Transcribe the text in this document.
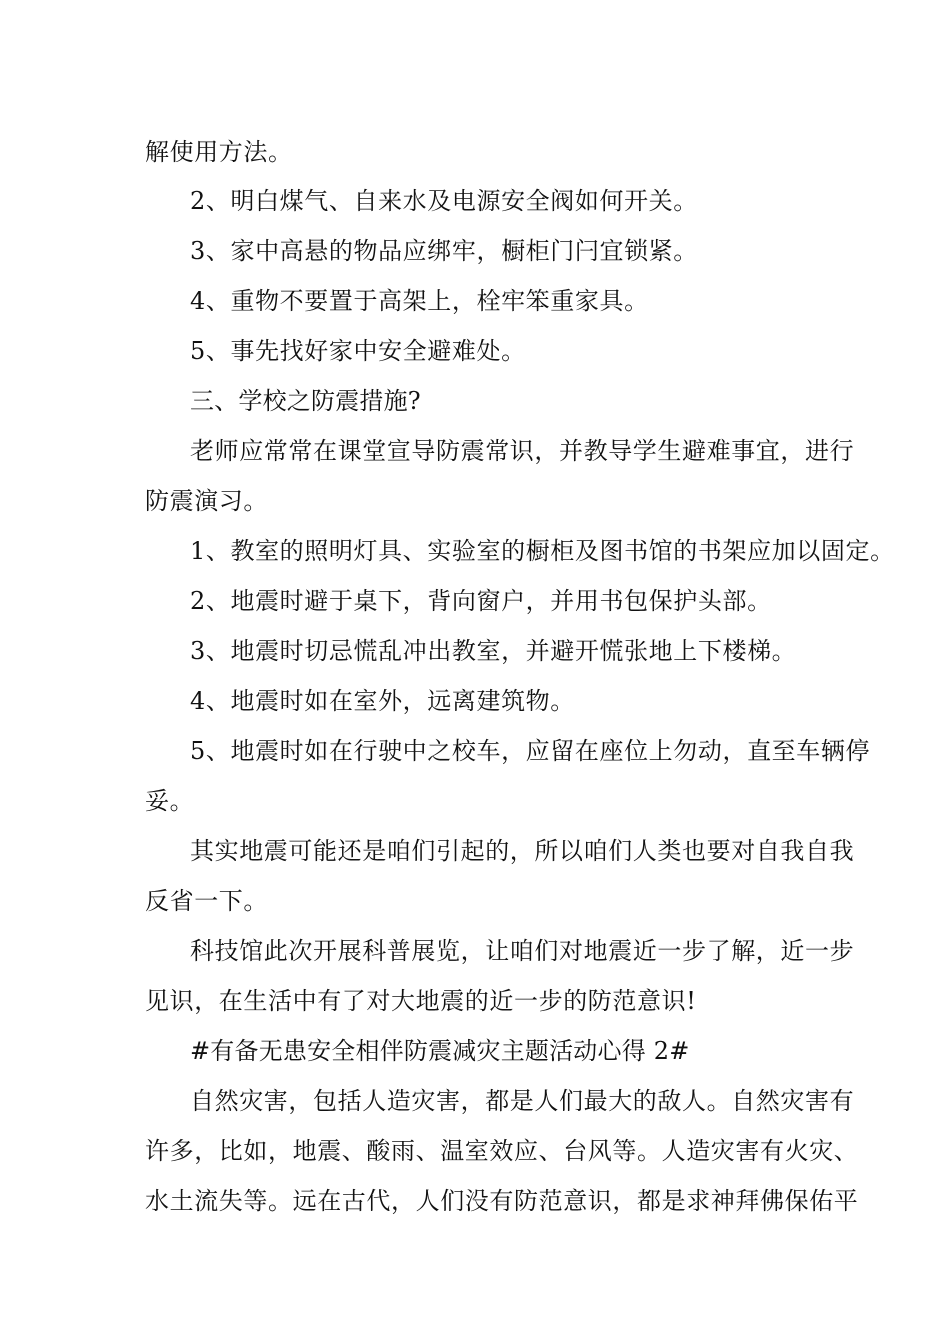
解使用方法。
2、明白煤气、自来水及电源安全阀如何开关。
3、家中高悬的物品应绑牢，橱柜门闩宜锁紧。
4、重物不要置于高架上，栓牢笨重家具。
5、事先找好家中安全避难处。
三、学校之防震措施?
老师应常常在课堂宣导防震常识，并教导学生避难事宜，进行
防震演习。
1、教室的照明灯具、实验室的橱柜及图书馆的书架应加以固定。
2、地震时避于桌下，背向窗户，并用书包保护头部。
3、地震时切忌慌乱冲出教室，并避开慌张地上下楼梯。
4、地震时如在室外，远离建筑物。
5、地震时如在行驶中之校车，应留在座位上勿动，直至车辆停
妥。
其实地震可能还是咱们引起的，所以咱们人类也要对自我自我
反省一下。
科技馆此次开展科普展览，让咱们对地震近一步了解，近一步
见识，在生活中有了对大地震的近一步的防范意识!
#有备无患安全相伴防震减灾主题活动心得 2#
自然灾害，包括人造灾害，都是人们最大的敌人。自然灾害有
许多，比如，地震、酸雨、温室效应、台风等。人造灾害有火灾、
水土流失等。远在古代，人们没有防范意识，都是求神拜佛保佑平
